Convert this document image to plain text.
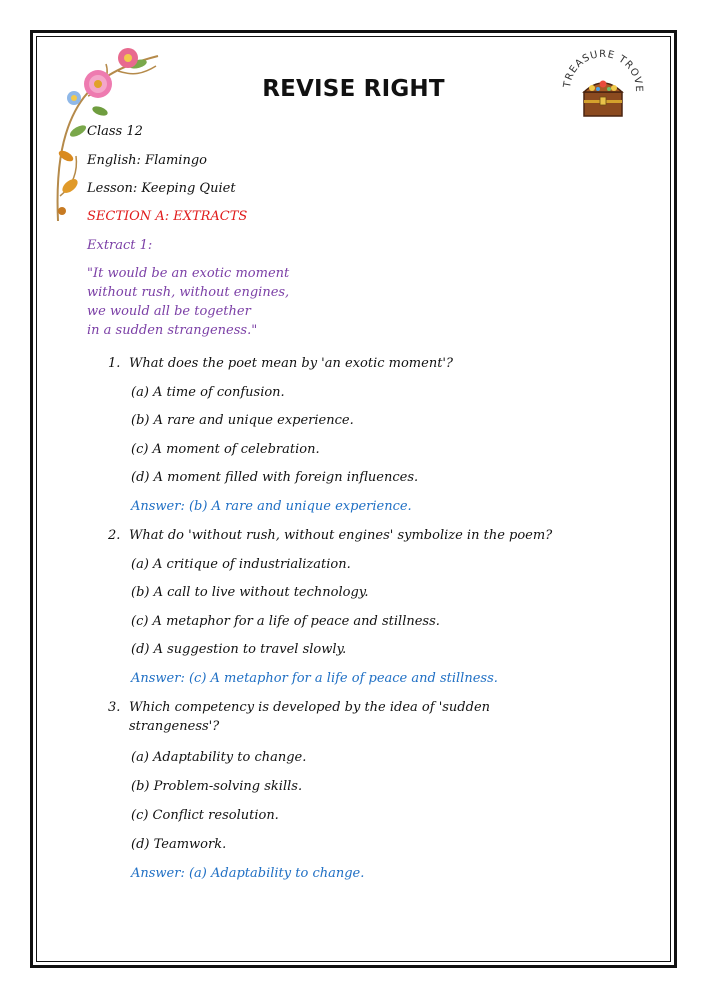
TREASURE TROVE
REVISE RIGHT
Class 12
English: Flamingo
Lesson: Keeping Quiet
SECTION A: EXTRACTS
Extract 1:
"It would be an exotic moment
without rush, without engines,
we would all be together
in a sudden strangeness."
1. What does the poet mean by 'an exotic moment'?
(a) A time of confusion.
(b) A rare and unique experience.
(c) A moment of celebration.
(d) A moment filled with foreign influences.
Answer: (b) A rare and unique experience.
2. What do 'without rush, without engines' symbolize in the poem?
(a) A critique of industrialization.
(b) A call to live without technology.
(c) A metaphor for a life of peace and stillness.
(d) A suggestion to travel slowly.
Answer: (c) A metaphor for a life of peace and stillness.
3. Which competency is developed by the idea of 'sudden
strangeness'?
(a) Adaptability to change.
(b) Problem-solving skills.
(c) Conflict resolution.
(d) Teamwork.
Answer: (a) Adaptability to change.
